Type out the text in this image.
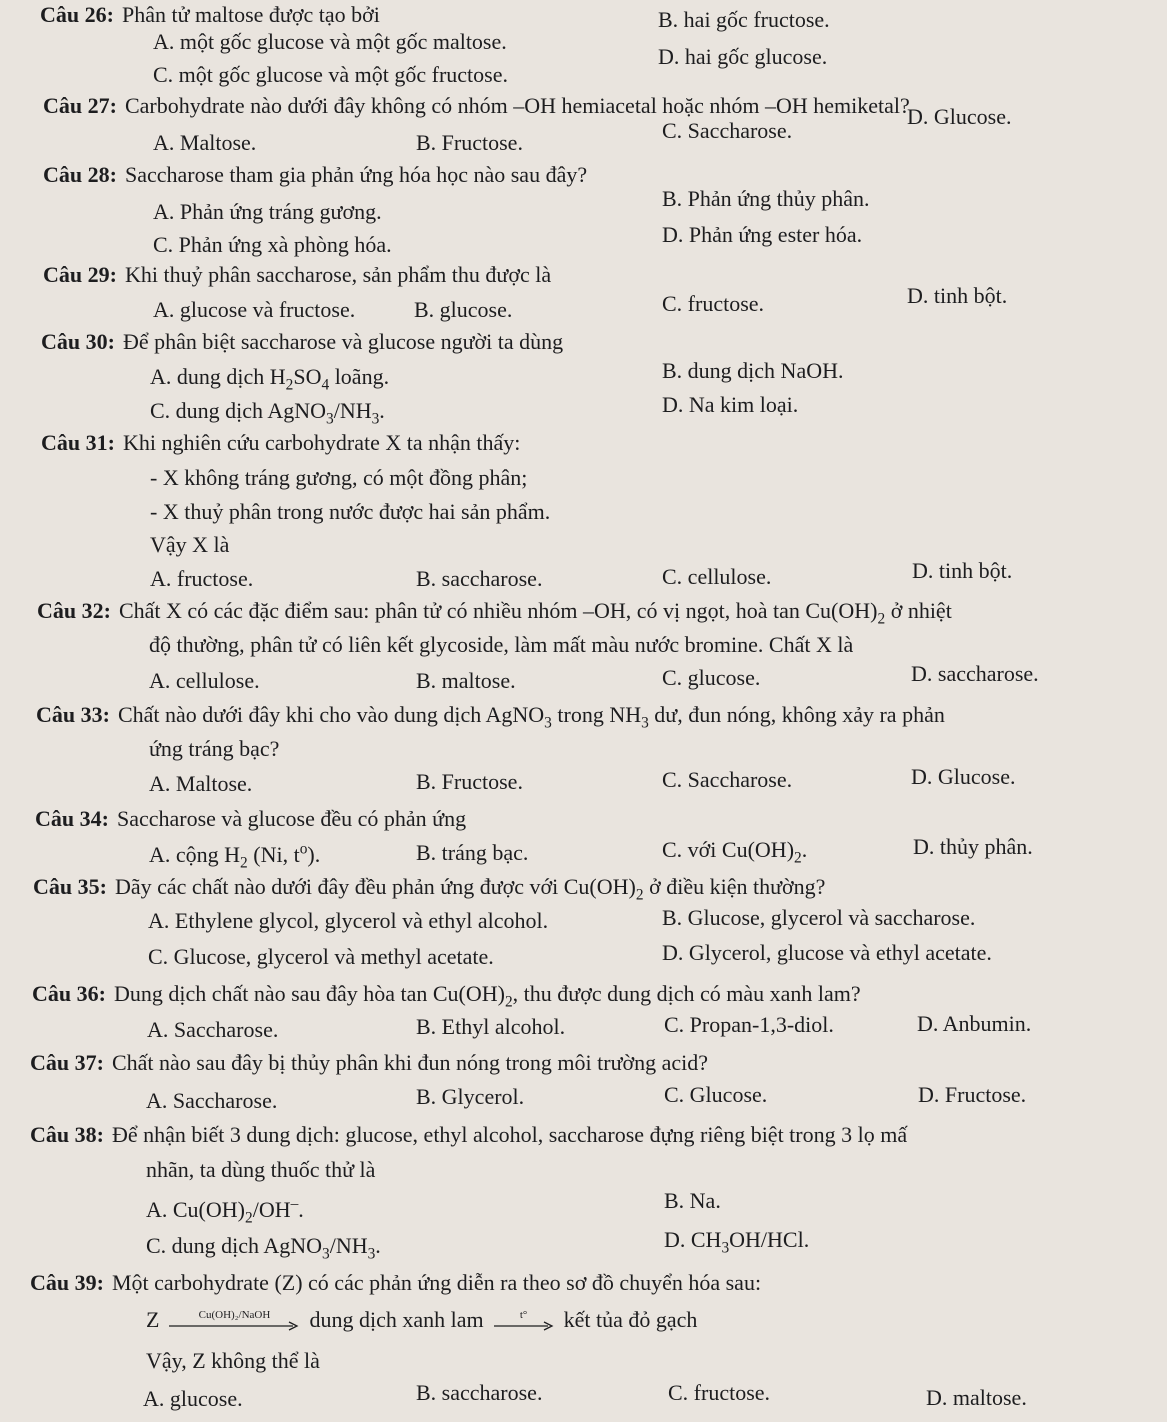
Câu 26: Phân tử maltose được tạo bởi
A. một gốc glucose và một gốc maltose.
B. hai gốc fructose.
C. một gốc glucose và một gốc fructose.
D. hai gốc glucose.
Câu 27: Carbohydrate nào dưới đây không có nhóm –OH hemiacetal hoặc nhóm –OH hemiketal?
A. Maltose.	B. Fructose.	C. Saccharose.
D. Glucose.
Câu 28: Saccharose tham gia phản ứng hóa học nào sau đây?
A. Phản ứng tráng gương.
B. Phản ứng thủy phân.
C. Phản ứng xà phòng hóa.	D. Phản ứng ester hóa.
Câu 29: Khi thuỷ phân saccharose, sản phẩm thu được là
A. glucose và fructose.	B. glucose.	C. fructose.	D. tinh bột.
Câu 30: Để phân biệt saccharose và glucose người ta dùng
A. dung dịch $H_2SO_4$ loãng.	B. dung dịch NaOH.
C. dung dịch $AgNO_3/NH_3$.	D. Na kim loại.
Câu 31: Khi nghiên cứu carbohydrate X ta nhận thấy:
- X không tráng gương, có một đồng phân;
- X thuỷ phân trong nước được hai sản phẩm.
Vậy X là
A. fructose.	B. saccharose.	C. cellulose.	D. tinh bột.
Câu 32: Chất X có các đặc điểm sau: phân tử có nhiều nhóm –OH, có vị ngọt, hoà $\tan Cu(OH)_2$ ở nhiệt
độ thường, phân tử có liên kết glycoside, làm mất màu nước bromine. Chất X là
A. cellulose.	B. maltose.	C. glucose.	D. saccharose.
Câu 33: Chất nào dưới đây khi cho vào dung dịch AgNO$_3$ trong $NH_3$ dư, đun nóng, không xảy ra phản
ứng tráng bạc?
A. Maltose.	B. Fructose.	C. Saccharose.	D. Glucose.
Câu 34: Saccharose và glucose đều có phản ứng
A. cộng $H_2$ (Ni, $t^o$).	B. tráng bạc.	C. với $Cu(OH)_2$.	D. thủy phân.
Câu 35: Dãy các chất nào dưới đây đều phản ứng được với $Cu(OH)_2$ ở điều kiện thường?
A. Ethylene glycol, glycerol và ethyl alcohol.	B. Glucose, glycerol và saccharose.
C. Glucose, glycerol và methyl acetate.	D. Glycerol, glucose và ethyl acetate.
Câu 36: Dung dịch chất nào sau đây hòa $\tan Cu(OH)_2$, thu được dung dịch có màu xanh lam?
A. Saccharose.	B. Ethyl alcohol.	C. Propan-1,3-diol.	D. Anbumin.
Câu 37: Chất nào sau đây bị thủy phân khi đun nóng trong môi trường acid?
A. Saccharose.	B. Glycerol.	C. Glucose.	D. Fructose.
Câu 38: Để nhận biết 3 dung dịch: glucose, ethyl alcohol, saccharose đựng riêng biệt trong 3 lọ mấ
nhãn, ta dùng thuốc thử là
A. $Cu(OH)_2/OH^-$.	B. Na.
C. dung dịch $AgNO_3/NH_3$.	D. $CH_3OH$/HCl.
Câu 39: Một carbohydrate (Z) có các phản ứng diễn ra theo sơ đồ chuyển hóa sau:
Z	Cu(OH)₂/NaOH dung dịch xanh lam	t° kết tủa đỏ gạch
Vậy, Z không thể là
A. glucose.	B. saccharose.	C. fructose.	D. maltose.
